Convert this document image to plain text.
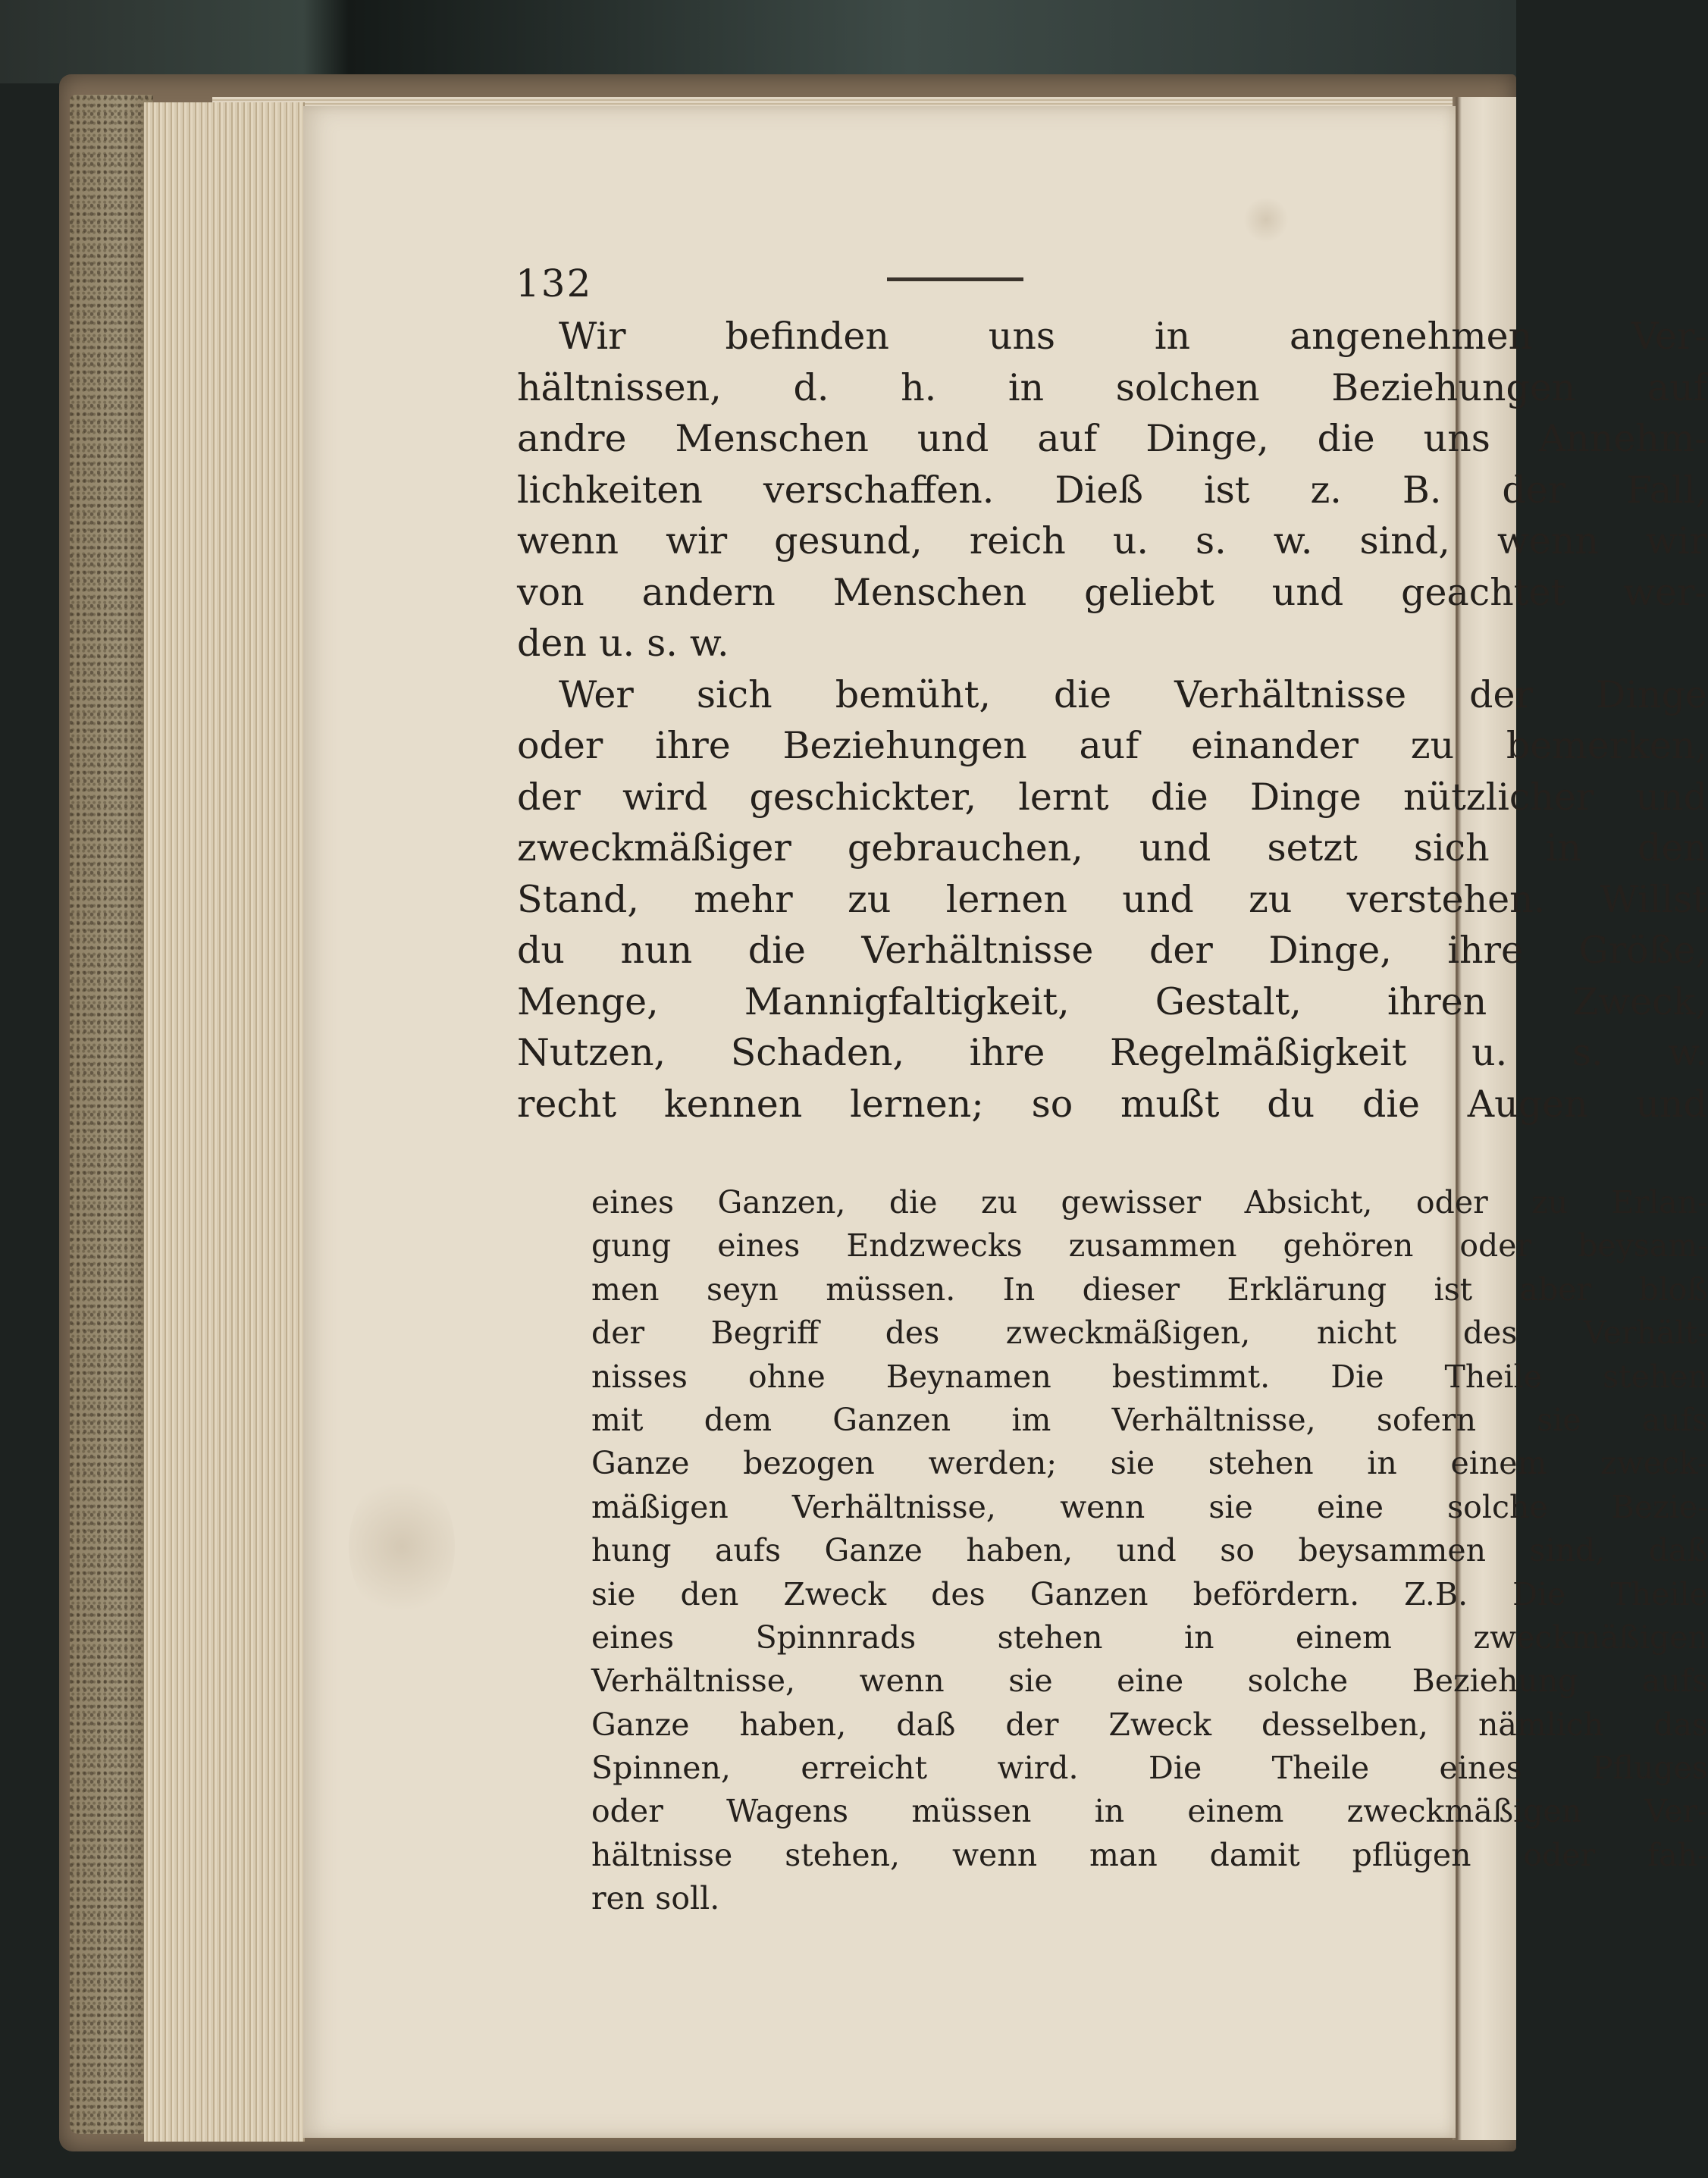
132
Wir	befinden	uns	in	angenehmen	Ver-
hältnissen, d. h. in solchen Beziehungen auf
andre Menschen und auf Dinge, die uns Annehm-
lichkeiten verschaffen. Dieß ist z. B. der Fall,
wenn wir gesund, reich u. s. w. sind, wenn wir
von andern Menschen geliebt und geachtet wer-
den u. s. w.
Wer sich bemüht, die Verhältnisse der Dinge
oder ihre Beziehungen auf einander zu bemerken,
der wird geschickter, lernt die Dinge nützlicher und
zweckmäßiger gebrauchen, und setzt sich in den
Stand, mehr zu lernen und zu verstehen. Willst
du nun die Verhältnisse der Dinge, ihre Größe,
Menge, Mannigfaltigkeit, Gestalt, ihren Zweck,
Nutzen, Schaden, ihre Regelmäßigkeit u. s. w.
recht kennen lernen; so mußt du die Augen und
eines Ganzen, die zu gewisser Absicht, oder zu Erlan-
gung eines Endzwecks zusammen gehören oder beysam-
men seyn müssen. In dieser Erklärung ist aber bloß
der Begriff des zweckmäßigen, nicht des Verhält-
nisses ohne Beynamen bestimmt. Die Theile stehen
mit dem Ganzen im Verhältnisse, sofern sie aufs
Ganze bezogen werden; sie stehen in einem zweck-
mäßigen Verhältnisse, wenn sie eine solche Bezie-
hung aufs Ganze haben, und so beysammen sind, daß
sie den Zweck des Ganzen befördern. Z.B. Die Theile
eines	Spinnrads	stehen	in	einem	zweckmäßigen
Verhältnisse, wenn sie eine solche Beziehung aufs
Ganze haben, daß der Zweck desselben, nämlich das
Spinnen, erreicht wird. Die Theile eines Pfluges
oder Wagens müssen in einem zweckmäßigen Ver-
hältnisse stehen, wenn man damit pflügen oder fah-
ren soll.
